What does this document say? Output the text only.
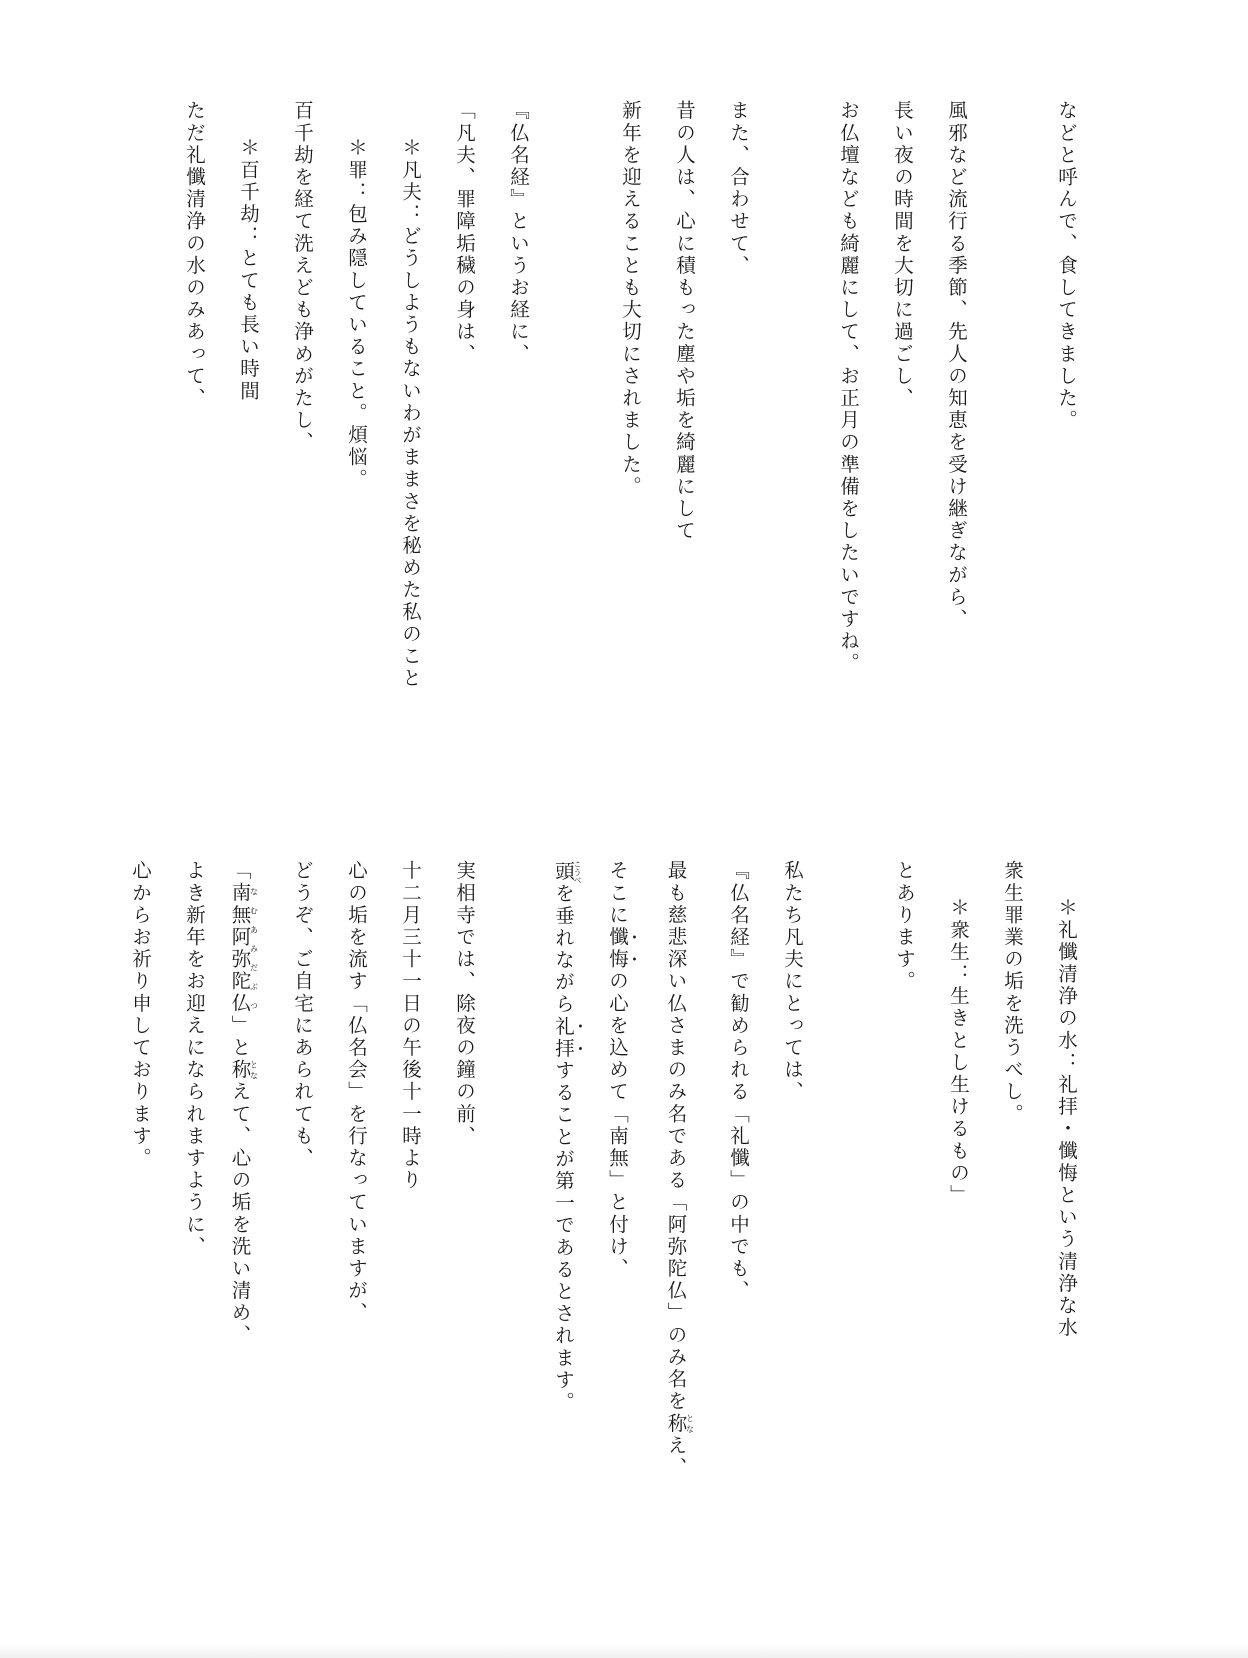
などと呼んで、食してきました。

風邪など流行る季節、先人の知恵を受け継ぎながら、

長い夜の時間を大切に過ごし、

お仏壇なども綺麗にして、お正月の準備をしたいですね。

また、合わせて、

昔の人は、心に積もった塵や垢を綺麗にして

新年を迎えることも大切にされました。

『仏名経』というお経に、

「凡夫、罪障垢穢の身は、

＊凡夫：どうしようもないわがままさを秘めた私のこと

＊罪：包み隠していること。煩悩。

百千劫を経て洗えども浄めがたし、

＊百千劫：とても長い時間

ただ礼懺清浄の水のみあって、

＊礼懺清浄の水：礼拝・懺悔という清浄な水

衆生罪業の垢を洗うべし。

＊衆生：生きとし生けるもの」

とあります。

私たち凡夫にとっては、

『仏名経』で勧められる「礼懺」の中でも、

最も慈悲深い仏さまのみ名である「阿弥陀仏」のみ名を称となえ、

そこに懺悔の心を込めて「南無」と付け、

頭こうべを垂れながら礼拝することが第一であるとされます。

実相寺では、除夜の鐘の前、

十二月三十一日の午後十一時より

心の垢を流す「仏名会」を行なっていますが、

どうぞ、ご自宅にあられても、

「南無阿弥陀仏なむあみだぶつ」と称となえて、心の垢を洗い清め、

よき新年をお迎えになられますように、

心からお祈り申しております。
